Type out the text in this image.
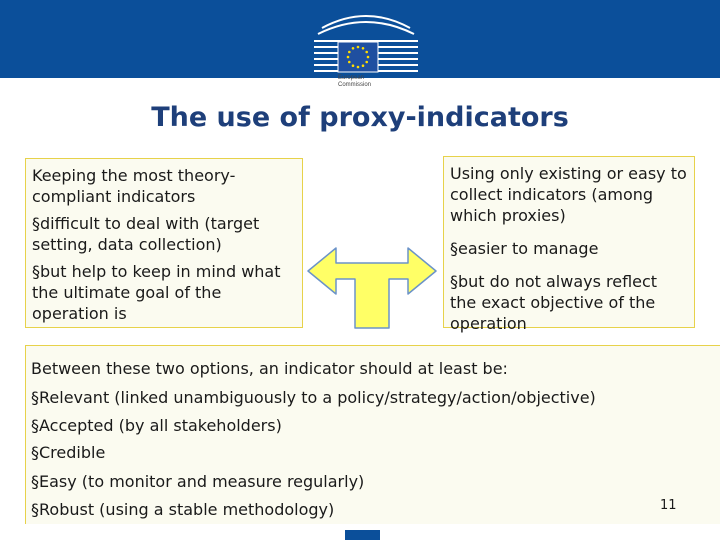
European
Commission
The use of proxy-indicators

Keeping the most theory-compliant indicators

§difficult to deal with (target setting, data collection)

§but help to keep in mind what the ultimate goal of the operation is

Using only existing or easy to collect indicators (among which proxies)

§easier to manage

§but do not always reflect the exact objective of the operation

Between these two options, an indicator should at least be:
§Relevant (linked unambiguously to a policy/strategy/action/objective)
§Accepted (by all stakeholders)
§Credible
§Easy (to monitor and measure regularly)
§Robust (using a stable methodology)	11
